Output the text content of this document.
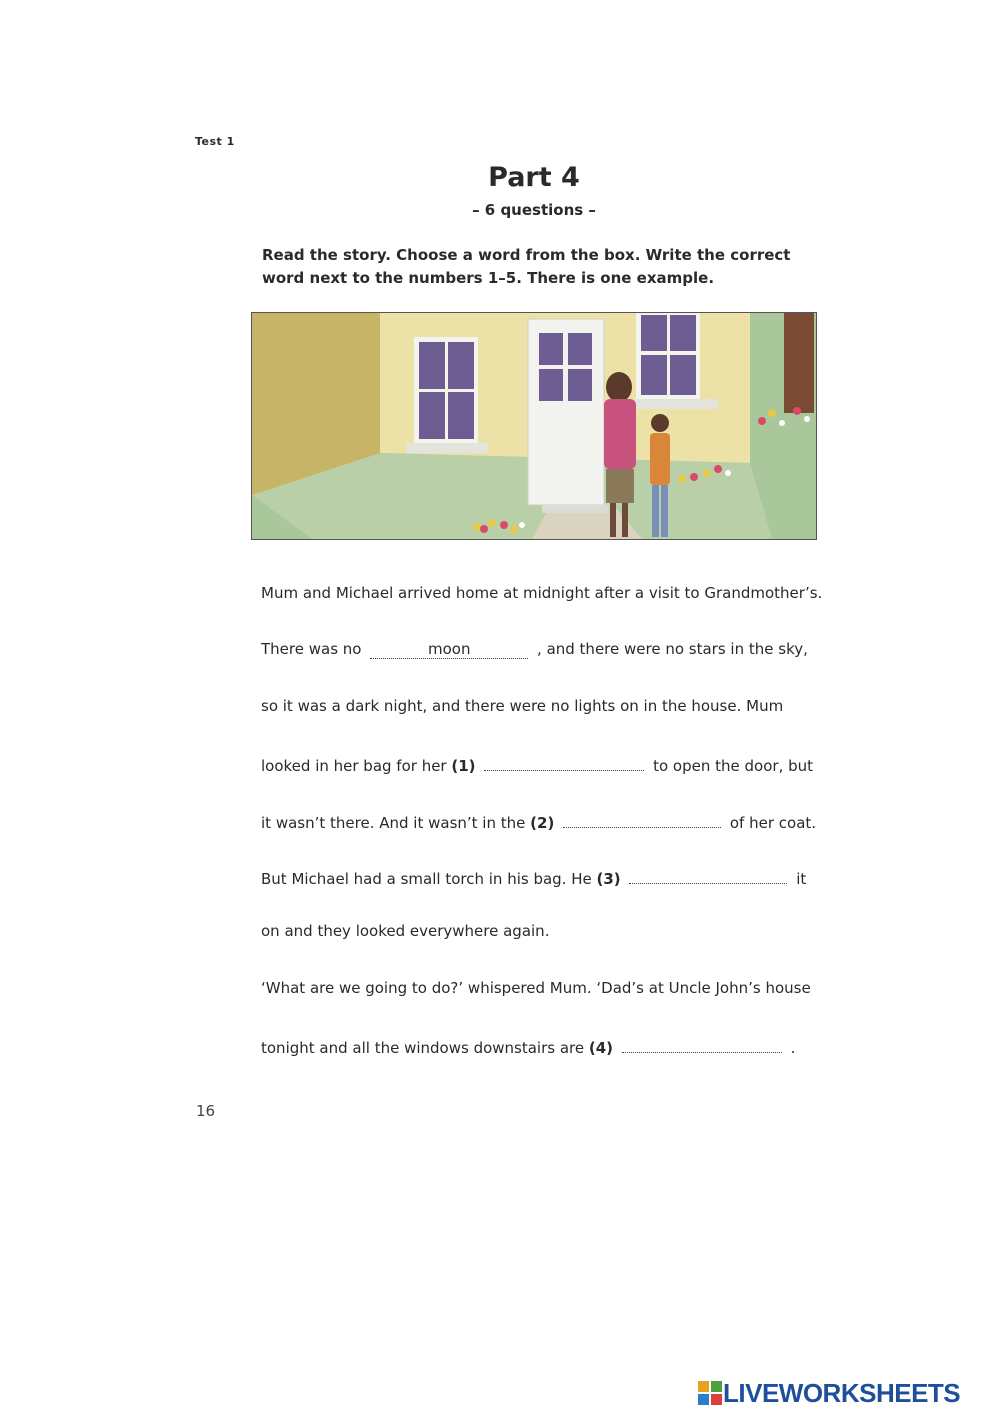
Test 1
Part 4
– 6 questions –
Read the story. Choose a word from the box. Write the correct word next to the numbers 1–5. There is one example.
Mum and Michael arrived home at midnight after a visit to Grandmother’s.
There was no	moon	, and there were no stars in the sky,
so it was a dark night, and there were no lights on in the house. Mum
looked in her bag for her (1)	to open the door, but
it wasn’t there. And it wasn’t in the (2)	of her coat.
But Michael had a small torch in his bag. He (3)	it
on and they looked everywhere again.
‘What are we going to do?’ whispered Mum. ‘Dad’s at Uncle John’s house
tonight and all the windows downstairs are (4)	.
16
LIVEWORKSHEETS
